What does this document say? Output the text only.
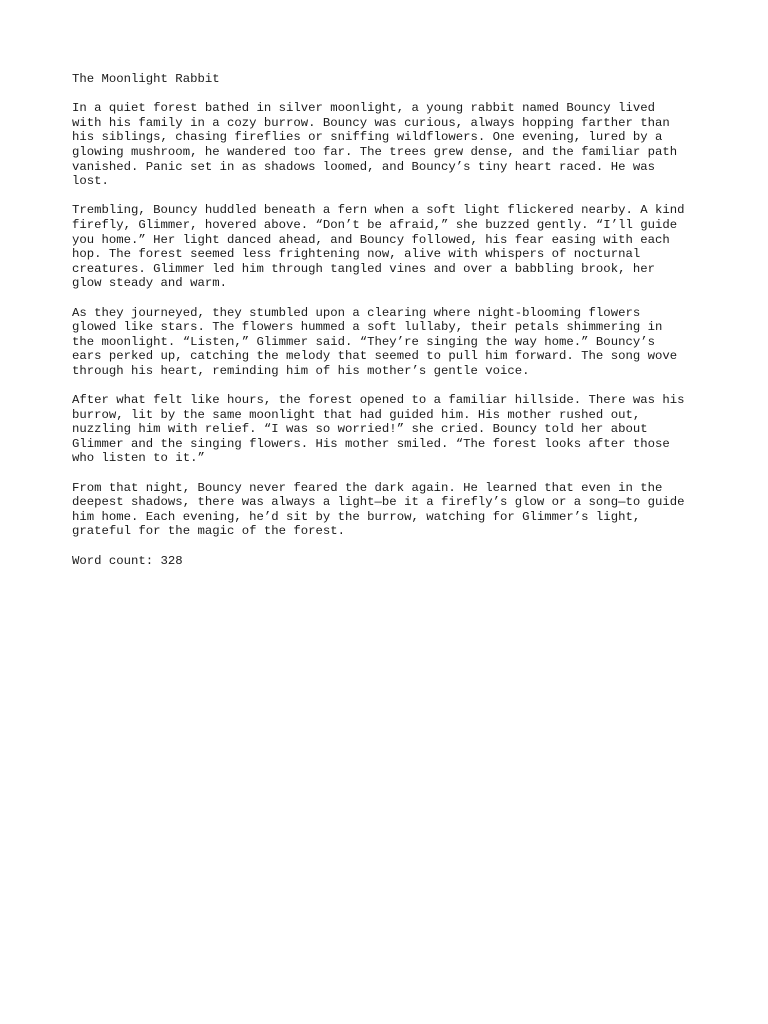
The Moonlight Rabbit

In a quiet forest bathed in silver moonlight, a young rabbit named Bouncy lived
with his family in a cozy burrow. Bouncy was curious, always hopping farther than
his siblings, chasing fireflies or sniffing wildflowers. One evening, lured by a
glowing mushroom, he wandered too far. The trees grew dense, and the familiar path
vanished. Panic set in as shadows loomed, and Bouncy’s tiny heart raced. He was
lost.

Trembling, Bouncy huddled beneath a fern when a soft light flickered nearby. A kind
firefly, Glimmer, hovered above. “Don’t be afraid,” she buzzed gently. “I’ll guide
you home.” Her light danced ahead, and Bouncy followed, his fear easing with each
hop. The forest seemed less frightening now, alive with whispers of nocturnal
creatures. Glimmer led him through tangled vines and over a babbling brook, her
glow steady and warm.

As they journeyed, they stumbled upon a clearing where night-blooming flowers
glowed like stars. The flowers hummed a soft lullaby, their petals shimmering in
the moonlight. “Listen,” Glimmer said. “They’re singing the way home.” Bouncy’s
ears perked up, catching the melody that seemed to pull him forward. The song wove
through his heart, reminding him of his mother’s gentle voice.

After what felt like hours, the forest opened to a familiar hillside. There was his
burrow, lit by the same moonlight that had guided him. His mother rushed out,
nuzzling him with relief. “I was so worried!” she cried. Bouncy told her about
Glimmer and the singing flowers. His mother smiled. “The forest looks after those
who listen to it.”

From that night, Bouncy never feared the dark again. He learned that even in the
deepest shadows, there was always a light—be it a firefly’s glow or a song—to guide
him home. Each evening, he’d sit by the burrow, watching for Glimmer’s light,
grateful for the magic of the forest.

Word count: 328
